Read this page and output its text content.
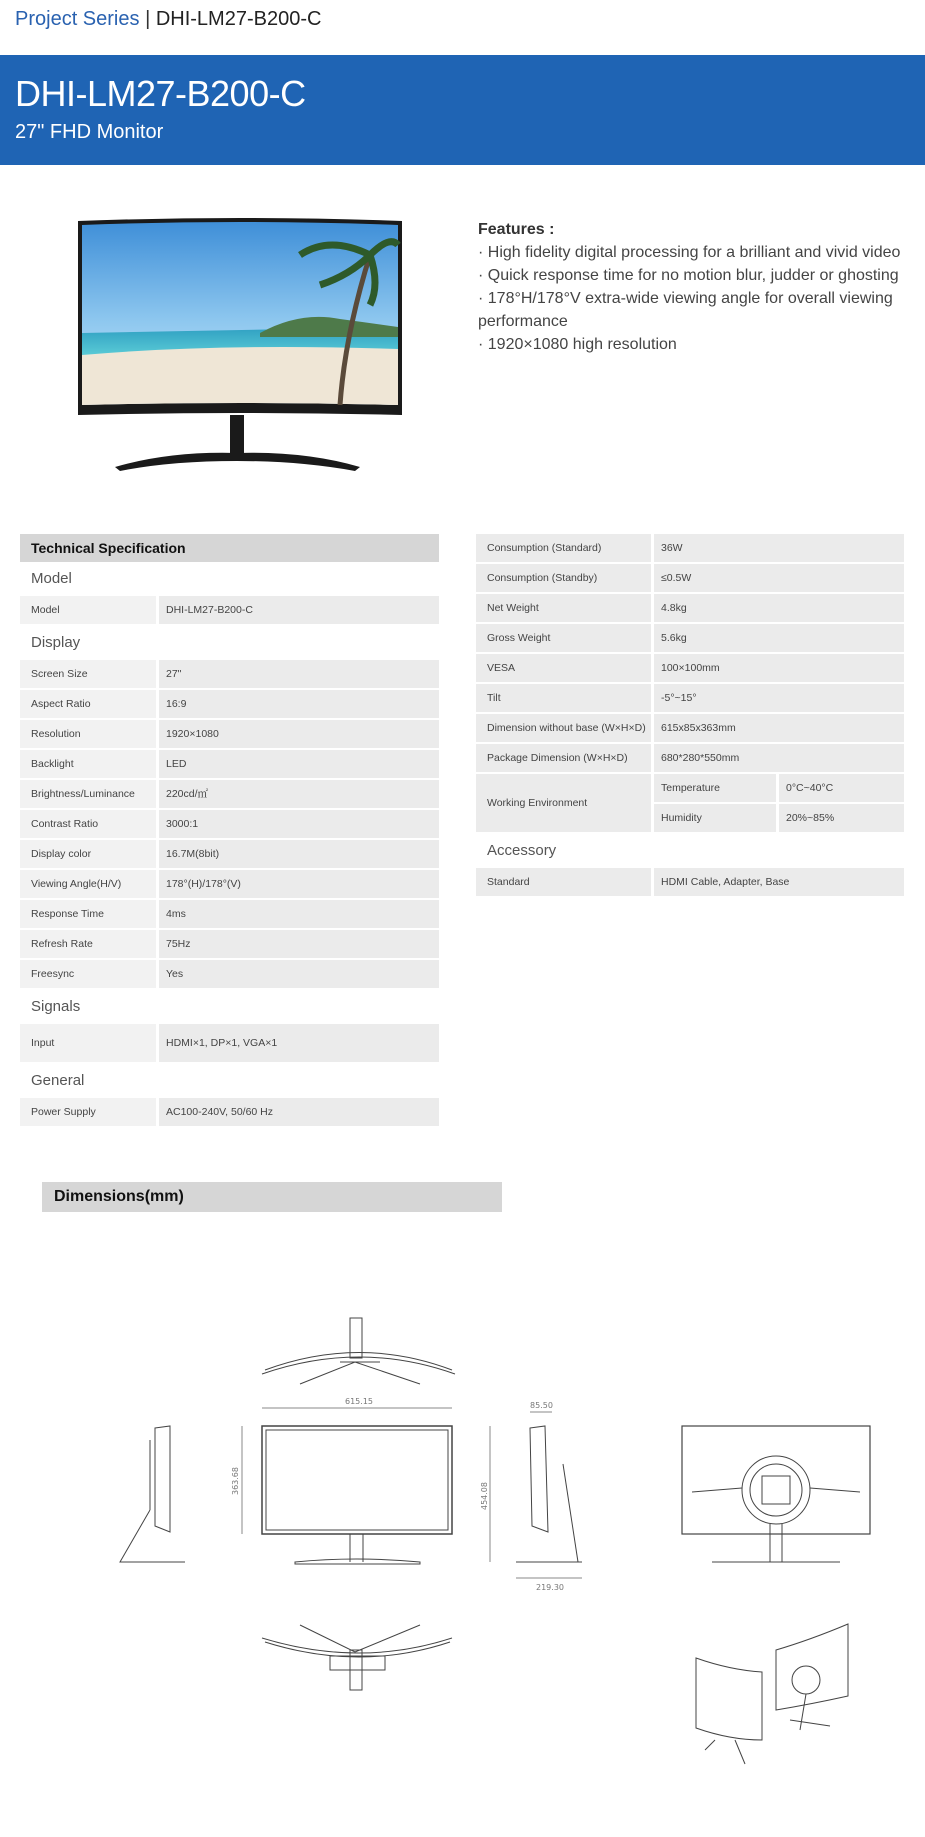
Project Series | DHI-LM27-B200-C
DHI-LM27-B200-C
27" FHD Monitor
Features :
· High fidelity digital processing for a brilliant and vivid video
· Quick response time for no motion blur, judder or ghosting
· 178°H/178°V extra-wide viewing angle for overall viewing performance
· 1920×1080 high resolution
Technical Specification
Model
Model	DHI-LM27-B200-C
Display
Screen Size	27"
Aspect Ratio	16:9
Resolution	1920×1080
Backlight	LED
Brightness/Luminance	220cd/㎡
Contrast Ratio	3000:1
Display color	16.7M(8bit)
Viewing Angle(H/V)	178°(H)/178°(V)
Response Time	4ms
Refresh Rate	75Hz
Freesync	Yes
Signals
Input	HDMI×1, DP×1, VGA×1
General
Power Supply	AC100-240V, 50/60 Hz
Consumption (Standard)	36W
Consumption (Standby)	≤0.5W
Net Weight	4.8kg
Gross Weight	5.6kg
VESA	100×100mm
Tilt	-5°~15°
Dimension without base (W×H×D)	615x85x363mm
Package Dimension (W×H×D)	680*280*550mm
Working Environment
Temperature	0°C~40°C
Humidity	20%~85%
Accessory
Standard	HDMI Cable, Adapter, Base
Dimensions(mm)
615.15
363.68
85.50
454.08
219.30
